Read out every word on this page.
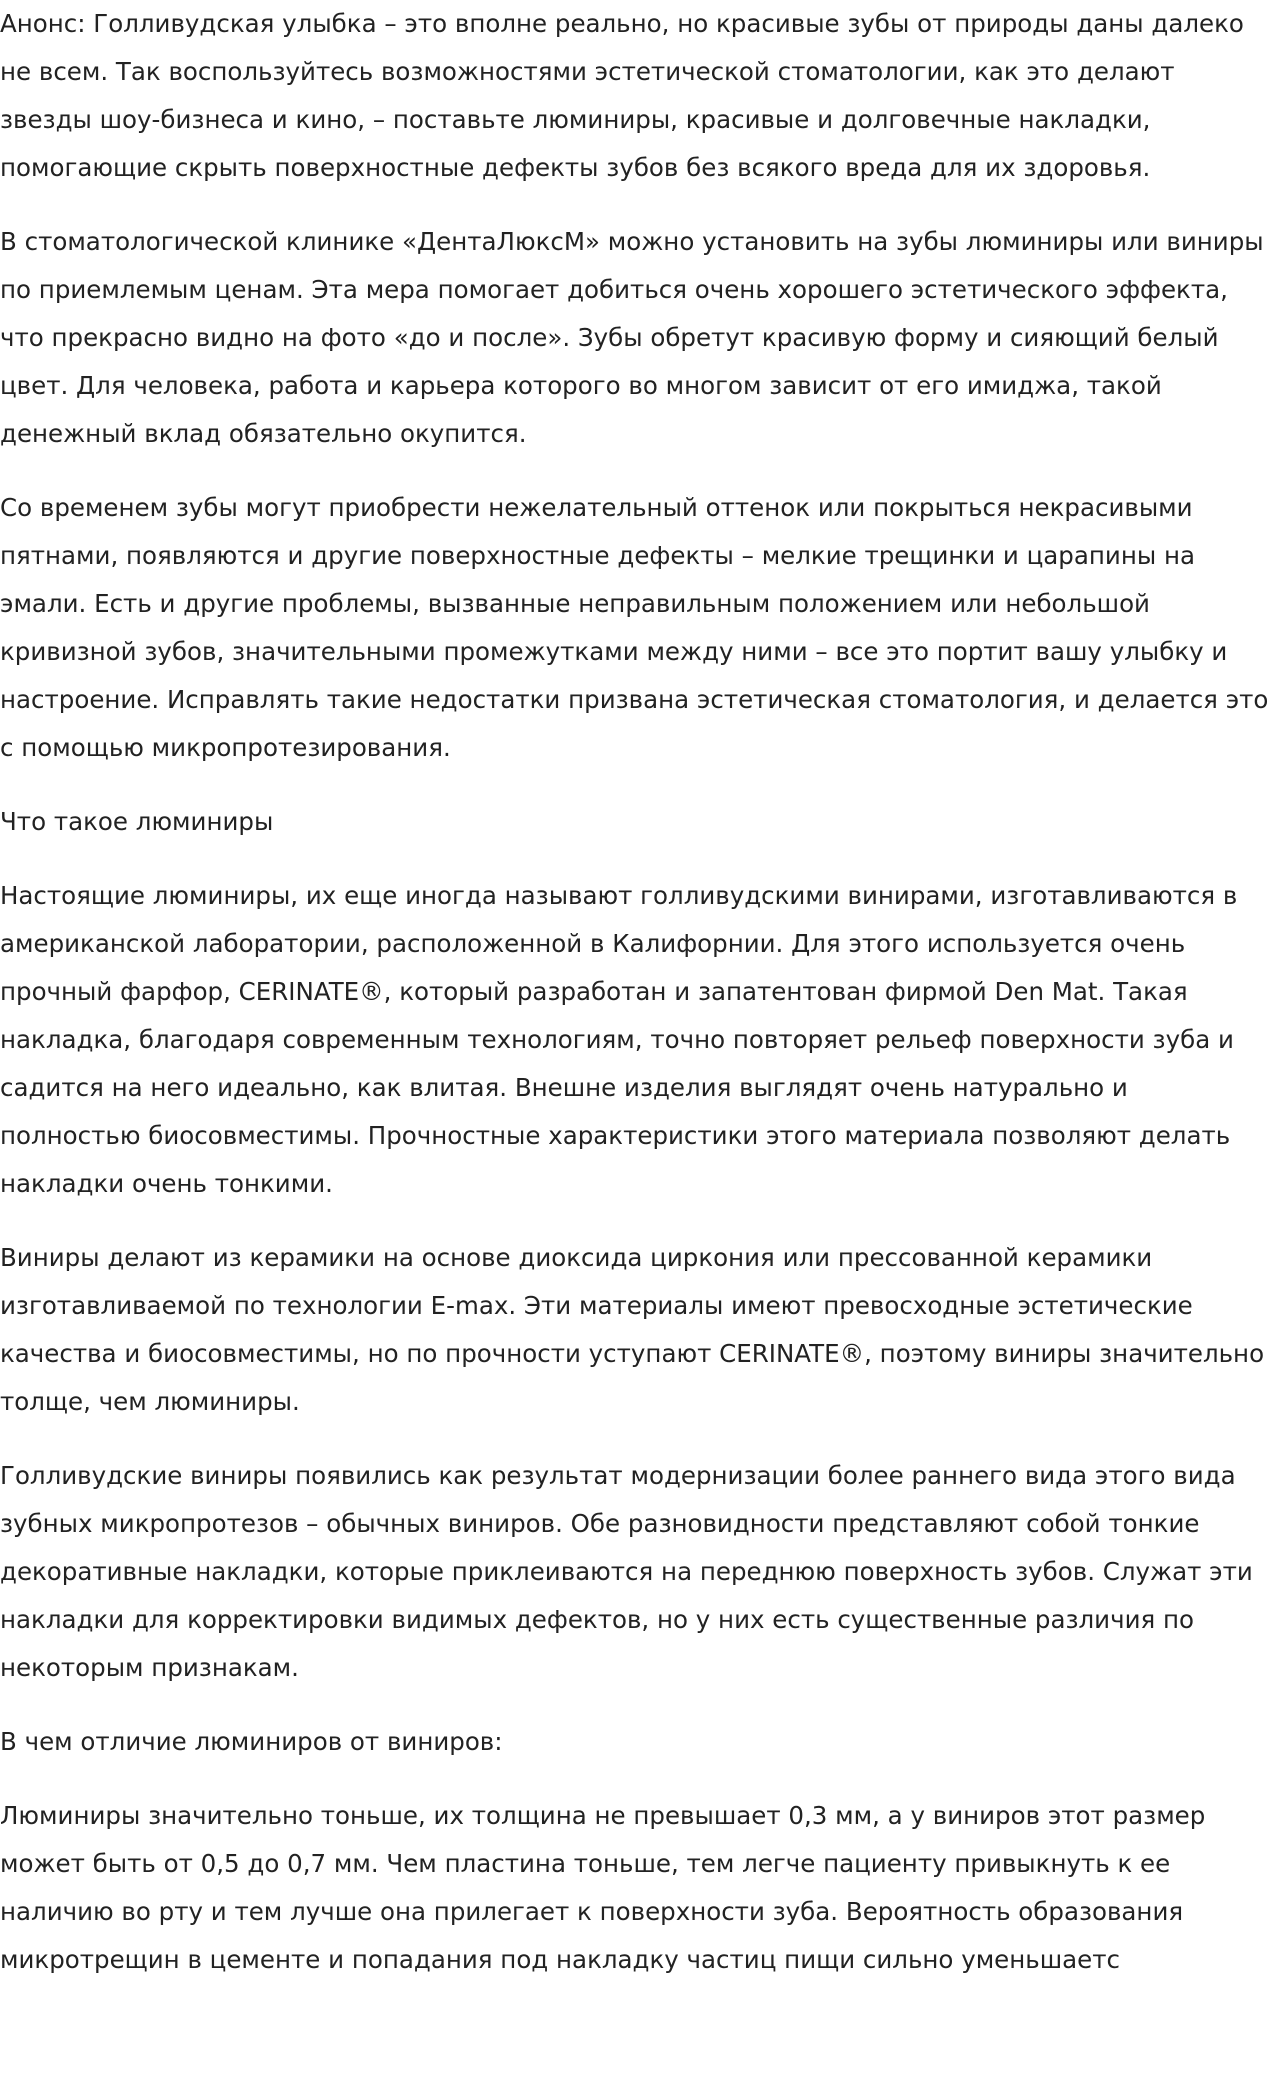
Анонс: Голливудская улыбка – это вполне реально, но красивые зубы от природы даны далеко не всем. Так воспользуйтесь возможностями эстетической стоматологии, как это делают звезды шоу-бизнеса и кино, – поставьте люминиры, красивые и долговечные накладки, помогающие скрыть поверхностные дефекты зубов без всякого вреда для их здоровья.

В стоматологической клинике «ДентаЛюксМ» можно установить на зубы люминиры или виниры по приемлемым ценам. Эта мера помогает добиться очень хорошего эстетического эффекта, что прекрасно видно на фото «до и после». Зубы обретут красивую форму и сияющий белый цвет. Для человека, работа и карьера которого во многом зависит от его имиджа, такой денежный вклад обязательно окупится.

Со временем зубы могут приобрести нежелательный оттенок или покрыться некрасивыми пятнами, появляются и другие поверхностные дефекты – мелкие трещинки и царапины на эмали. Есть и другие проблемы, вызванные неправильным положением или небольшой кривизной зубов, значительными промежутками между ними – все это портит вашу улыбку и настроение. Исправлять такие недостатки призвана эстетическая стоматология, и делается это с помощью микропротезирования.

Что такое люминиры

Настоящие люминиры, их еще иногда называют голливудскими винирами, изготавливаются в американской лаборатории, расположенной в Калифорнии. Для этого используется очень прочный фарфор, CERINATE®, который разработан и запатентован фирмой Den Mat. Такая накладка, благодаря современным технологиям, точно повторяет рельеф поверхности зуба и садится на него идеально, как влитая. Внешне изделия выглядят очень натурально и полностью биосовместимы. Прочностные характеристики этого материала позволяют делать накладки очень тонкими.

Виниры делают из керамики на основе диоксида циркония или прессованной керамики изготавливаемой по технологии E-max. Эти материалы имеют превосходные эстетические качества и биосовместимы, но по прочности уступают CERINATE®, поэтому виниры значительно толще, чем люминиры.

Голливудские виниры появились как результат модернизации более раннего вида этого вида зубных микропротезов – обычных виниров. Обе разновидности представляют собой тонкие декоративные накладки, которые приклеиваются на переднюю поверхность зубов. Служат эти накладки для корректировки видимых дефектов, но у них есть существенные различия по некоторым признакам.

В чем отличие люминиров от виниров:

Люминиры значительно тоньше, их толщина не превышает 0,3 мм, а у виниров этот размер может быть от 0,5 до 0,7 мм. Чем пластина тоньше, тем легче пациенту привыкнуть к ее наличию во рту и тем лучше она прилегает к поверхности зуба. Вероятность образования микротрещин в цементе и попадания под накладку частиц пищи сильно уменьшаетс
